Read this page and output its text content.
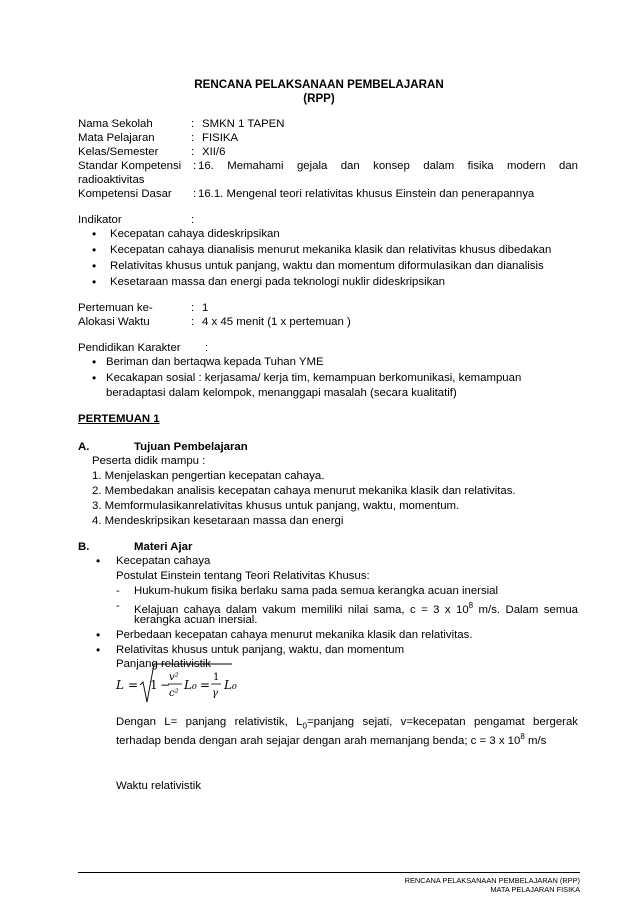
RENCANA PELAKSANAAN PEMBELAJARAN
(RPP)
Nama Sekolah	: SMKN 1 TAPEN
Mata Pelajaran	: FISIKA
Kelas/Semester	: XII/6
Standar Kompetensi : 16. Memahami gejala dan konsep dalam fisika modern dan
radioaktivitas
Kompetensi Dasar : 16.1. Mengenal teori relativitas khusus Einstein dan penerapannya
Indikator	:
• Kecepatan cahaya dideskripsikan
• Kecepatan cahaya dianalisis menurut mekanika klasik dan relativitas khusus dibedakan
• Relativitas khusus untuk panjang, waktu dan momentum diformulasikan dan dianalisis
• Kesetaraan massa dan energi pada teknologi nuklir dideskripsikan
Pertemuan ke-	: 1
Alokasi Waktu	: 4 x 45 menit (1 x pertemuan )
Pendidikan Karakter :
• Beriman dan bertaqwa kepada Tuhan YME
• Kecakapan sosial : kerjasama/ kerja tim, kemampuan berkomunikasi, kemampuan
beradaptasi dalam kelompok, menanggapi masalah (secara kualitatif)
PERTEMUAN 1
A.	Tujuan Pembelajaran
Peserta didik mampu :
1. Menjelaskan pengertian kecepatan cahaya.
2. Membedakan analisis kecepatan cahaya menurut mekanika klasik dan relativitas.
3. Memformulasikanrelativitas khusus untuk panjang, waktu, momentum.
4. Mendeskripsikan kesetaraan massa dan energi
B.	Materi Ajar
• Kecepatan cahaya
Postulat Einstein tentang Teori Relativitas Khusus:
- Hukum-hukum fisika berlaku sama pada semua kerangka acuan inersial
- Kelajuan cahaya dalam vakum memiliki nilai sama, c = 3 x $10^8$ m/s. Dalam semua
kerangka acuan inersial.
• Perbedaan kecepatan cahaya menurut mekanika klasik dan relativitas.
• Relativitas khusus untuk panjang, waktu, dan momentum
Panjang relativistik
L = 1 −
v²
c²
L₀ =
1
γ
L₀
Dengan L= panjang relativistik, $L_0=panjang$ sejati, v=kecepatan pengamat bergerak
terhadap benda dengan arah sejajar dengan arah memanjang benda; c = 3 x $10^8$ m/s
Waktu relativistik
RENCANA PELAKSANAAN PEMBELAJARAN (RPP)
MATA PELAJARAN FISIKA
